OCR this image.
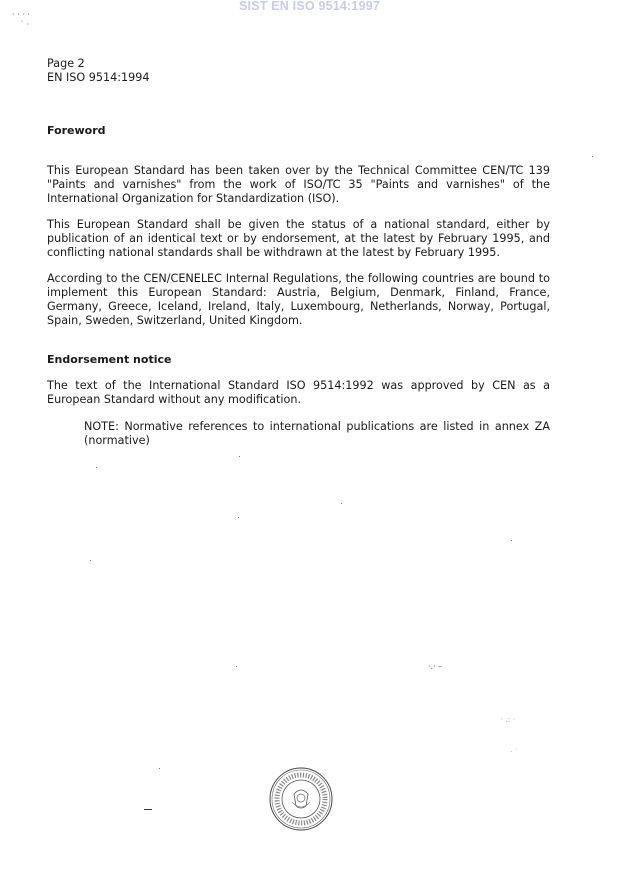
SIST EN ISO 9514:1997
· · · ·
˙ ·
·.· –
· .: ·
. ·
Page 2
EN ISO 9514:1994
Foreword

This European Standard has been taken over by the Technical Committee CEN/TC 139 "Paints and varnishes" from the work of ISO/TC 35 "Paints and varnishes" of the International Organization for Standardization (ISO).

This European Standard shall be given the status of a national standard, either by publication of an identical text or by endorsement, at the latest by February 1995, and conflicting national standards shall be withdrawn at the latest by February 1995.

According to the CEN/CENELEC Internal Regulations, the following countries are bound to implement this European Standard: Austria, Belgium, Denmark, Finland, France, Germany, Greece, Iceland, Ireland, Italy, Luxembourg, Netherlands, Norway, Portugal, Spain, Sweden, Switzerland, United Kingdom.

Endorsement notice

The text of the International Standard ISO 9514:1992 was approved by CEN as a European Standard without any modification.

NOTE: Normative references to international publications are listed in annex ZA (normative)
